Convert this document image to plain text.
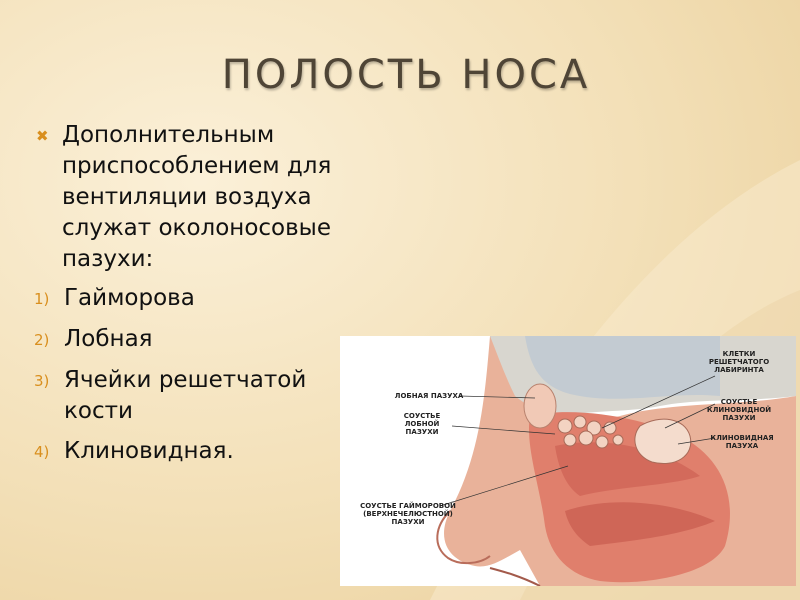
ПОЛОСТЬ НОСА
✖ Дополнительным приспособлением для вентиляции воздуха служат околоносовые пазухи:
1) Гайморова
2) Лобная
3) Ячейки решетчатой кости
4) Клиновидная.
ЛОБНАЯ ПАЗУХА
СОУСТЬЕ ЛОБНОЙ ПАЗУХИ
СОУСТЬЕ ГАЙМОРОВОЙ (ВЕРХНЕЧЕЛЮСТНОЙ) ПАЗУХИ
КЛЕТКИ РЕШЕТЧАТОГО ЛАБИРИНТА
СОУСТЬЕ КЛИНОВИДНОЙ ПАЗУХИ
КЛИНОВИДНАЯ ПАЗУХА
